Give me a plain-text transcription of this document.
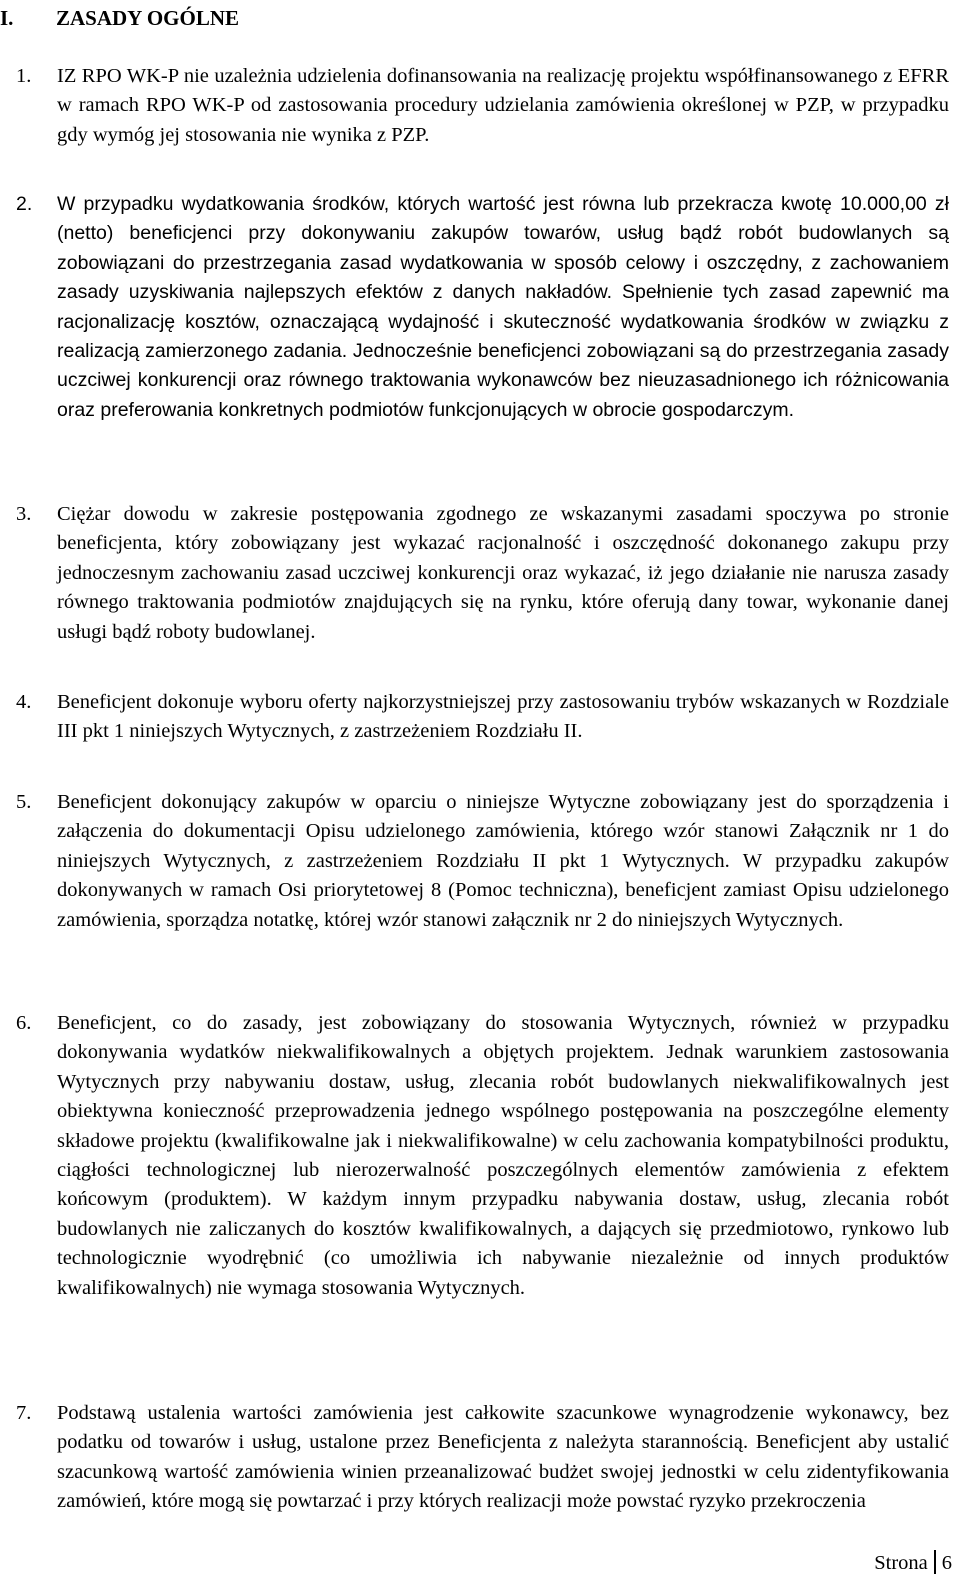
I. ZASADY OGÓLNE
1.	IZ RPO WK-P nie uzależnia udzielenia dofinansowania na realizację projektu współfinansowanego z EFRR w ramach RPO WK-P od zastosowania procedury udzielania zamówienia określonej w PZP, w przypadku gdy wymóg jej stosowania nie wynika z PZP.
2.	W przypadku wydatkowania środków, których wartość jest równa lub przekracza kwotę 10.000,00 zł (netto) beneficjenci przy dokonywaniu zakupów towarów, usług bądź robót budowlanych są zobowiązani do przestrzegania zasad wydatkowania w sposób celowy i oszczędny, z zachowaniem zasady uzyskiwania najlepszych efektów z danych nakładów. Spełnienie tych zasad zapewnić ma racjonalizację kosztów, oznaczającą wydajność i skuteczność wydatkowania środków w związku z realizacją zamierzonego zadania. Jednocześnie beneficjenci zobowiązani są do przestrzegania zasady uczciwej konkurencji oraz równego traktowania wykonawców bez nieuzasadnionego ich różnicowania oraz preferowania konkretnych podmiotów funkcjonujących w obrocie gospodarczym.
3.	Ciężar dowodu w zakresie postępowania zgodnego ze wskazanymi zasadami spoczywa po stronie beneficjenta, który zobowiązany jest wykazać racjonalność i oszczędność dokonanego zakupu przy jednoczesnym zachowaniu zasad uczciwej konkurencji oraz wykazać, iż jego działanie nie narusza zasady równego traktowania podmiotów znajdujących się na rynku, które oferują dany towar, wykonanie danej usługi bądź roboty budowlanej.
4.	Beneficjent dokonuje wyboru oferty najkorzystniejszej przy zastosowaniu trybów wskazanych w Rozdziale III pkt 1 niniejszych Wytycznych, z zastrzeżeniem Rozdziału II.
5.	Beneficjent dokonujący zakupów w oparciu o niniejsze Wytyczne zobowiązany jest do sporządzenia i załączenia do dokumentacji Opisu udzielonego zamówienia, którego wzór stanowi Załącznik nr 1 do niniejszych Wytycznych, z zastrzeżeniem Rozdziału II pkt 1 Wytycznych. W przypadku zakupów dokonywanych w ramach Osi priorytetowej 8 (Pomoc techniczna), beneficjent zamiast Opisu udzielonego zamówienia, sporządza notatkę, której wzór stanowi załącznik nr 2 do niniejszych Wytycznych.
6.	Beneficjent, co do zasady, jest zobowiązany do stosowania Wytycznych, również w przypadku dokonywania wydatków niekwalifikowalnych a objętych projektem. Jednak warunkiem zastosowania Wytycznych przy nabywaniu dostaw, usług, zlecania robót budowlanych niekwalifikowalnych jest obiektywna konieczność przeprowadzenia jednego wspólnego postępowania na poszczególne elementy składowe projektu (kwalifikowalne jak i niekwalifikowalne) w celu zachowania kompatybilności produktu, ciągłości technologicznej lub nierozerwalność poszczególnych elementów zamówienia z efektem końcowym (produktem). W każdym innym przypadku nabywania dostaw, usług, zlecania robót budowlanych nie zaliczanych do kosztów kwalifikowalnych, a dających się przedmiotowo, rynkowo lub technologicznie wyodrębnić (co umożliwia ich nabywanie niezależnie od innych produktów kwalifikowalnych) nie wymaga stosowania Wytycznych.
7.	Podstawą ustalenia wartości zamówienia jest całkowite szacunkowe wynagrodzenie wykonawcy, bez podatku od towarów i usług, ustalone przez Beneficjenta z należyta starannością. Beneficjent aby ustalić szacunkową wartość zamówienia winien przeanalizować budżet swojej jednostki w celu zidentyfikowania zamówień, które mogą się powtarzać i przy których realizacji może powstać ryzyko przekroczenia
Strona 6
